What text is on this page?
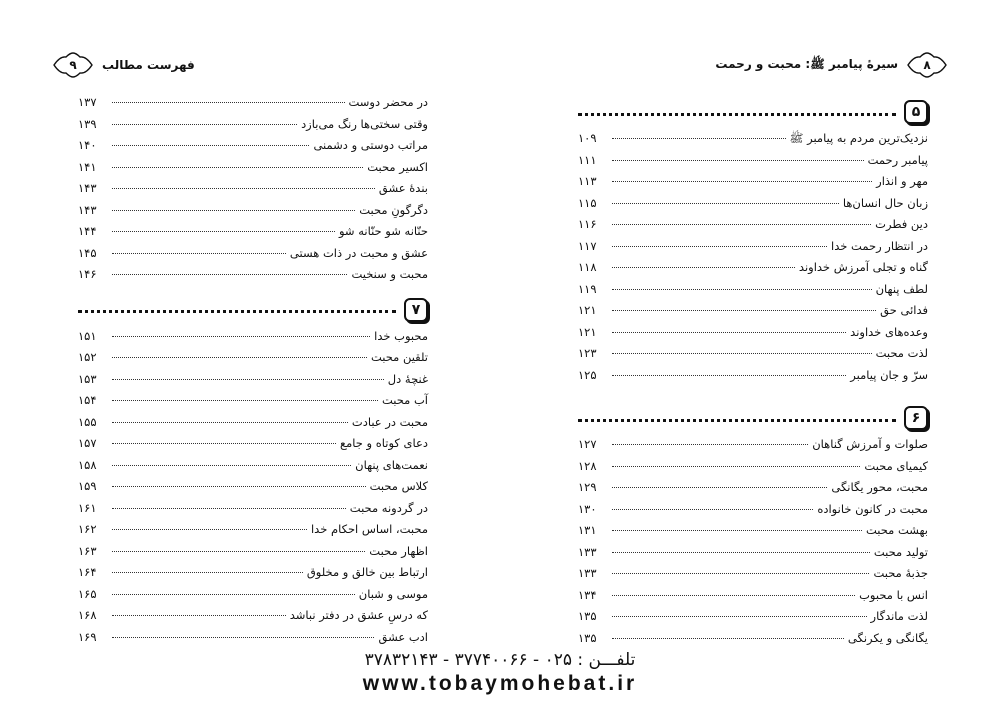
فهرست مطالب
۹	۸
سیرهٔ پیامبر ﷺ: محبت و رحمت
در محضر دوست
۱۳۷
وقتی سختی‌ها رنگ می‌بازد
۱۳۹
مراتب دوستی و دشمنی
۱۴۰
اکسیر محبت
۱۴۱
بندهٔ عشق
۱۴۳
دگرگونِ محبت
۱۴۳
حنّانه شو حنّانه شو
۱۴۴
عشق و محبت در ذات هستی
۱۴۵
محبت و سنخیت
۱۴۶
۷
محبوب خدا
۱۵۱
تلقین محبت
۱۵۲
غنچهٔ دل
۱۵۳
آب محبت
۱۵۴
محبت در عبادت
۱۵۵
دعای کوتاه و جامع
۱۵۷
نعمت‌های پنهان
۱۵۸
کلاس محبت
۱۵۹
در گردونه محبت
۱۶۱
محبت، اساس احکام خدا
۱۶۲
اظهار محبت
۱۶۳
ارتباط بین خالق و مخلوق
۱۶۴
موسی و شبان
۱۶۵
که درسِ عشق در دفتر نباشد
۱۶۸
ادب عشق
۱۶۹
۵
نزدیک‌ترین مردم به پیامبر ﷺ
۱۰۹
پیامبر رحمت
۱۱۱
مهر و انذار
۱۱۳
زبان حال انسان‌ها
۱۱۵
دین فطرت
۱۱۶
در انتظار رحمت خدا
۱۱۷
گناه و تجلی آمرزش خداوند
۱۱۸
لطف پنهان
۱۱۹
فدائی حق
۱۲۱
وعده‌های خداوند
۱۲۱
لذت محبت
۱۲۳
سرّ و جان پیامبر
۱۲۵
۶
صلوات و آمرزش گناهان
۱۲۷
کیمیای محبت
۱۲۸
محبت، محور یگانگی
۱۲۹
محبت در کانون خانواده
۱۳۰
بهشت محبت
۱۳۱
تولید محبت
۱۳۳
جذبهٔ محبت
۱۳۳
انس با محبوب
۱۳۴
لذت ماندگار
۱۳۵
یگانگی و یکرنگی
۱۳۵
تلفـــن : ۰۲۵ - ۳۷۷۴۰۰۶۶ - ۳۷۸۳۲۱۴۳
www.tobaymohebat.ir
